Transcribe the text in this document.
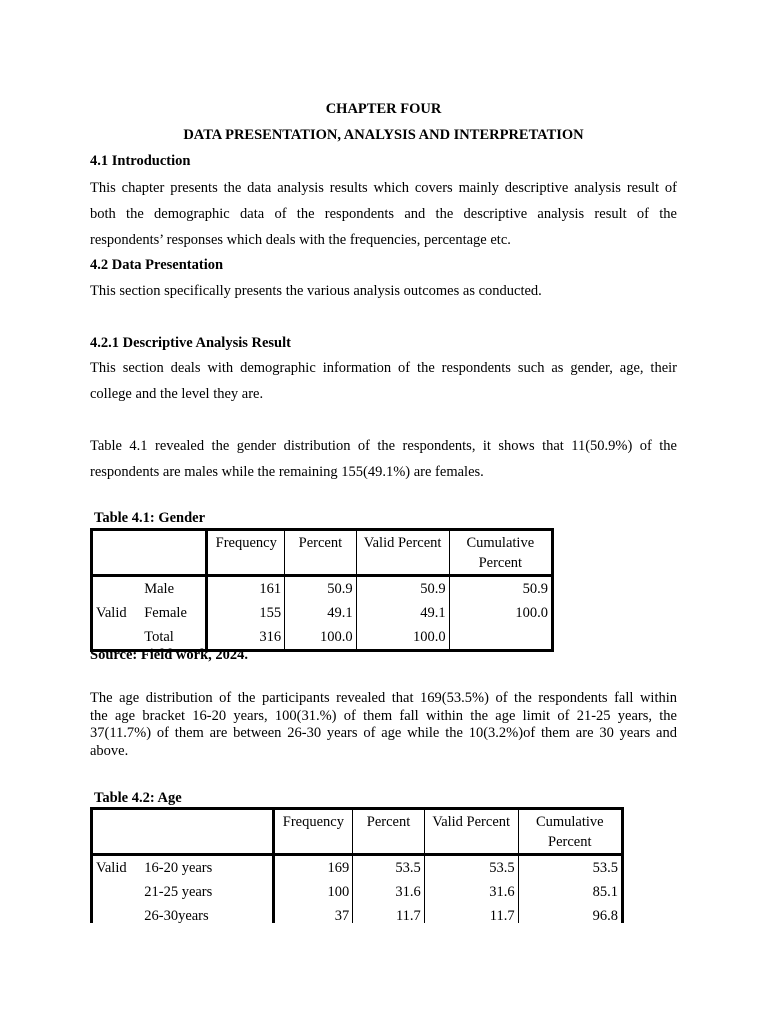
CHAPTER FOUR

DATA PRESENTATION, ANALYSIS AND INTERPRETATION

4.1 Introduction

This chapter presents the data analysis results which covers mainly descriptive analysis result of
both the demographic data of the respondents and the descriptive analysis result of the
respondents’ responses which deals with the frequencies, percentage etc.

4.2 Data Presentation

This section specifically presents the various analysis outcomes as conducted.

4.2.1 Descriptive Analysis Result

This section deals with demographic information of the respondents such as gender, age, their
college and the level they are.
Table 4.1 revealed the gender distribution of the respondents, it shows that 11(50.9%) of the
respondents are males while the remaining 155(49.1%) are females.

Table 4.1: Gender

		Frequency	Percent	Valid Percent	Cumulative
Percent
Valid	Male	161	50.9	50.9	50.9
	Female	155	49.1	49.1	100.0
	Total	316	100.0	100.0	

Source: Field work, 2024.

The age distribution of the participants revealed that 169(53.5%) of the respondents fall within
the age bracket 16-20 years, 100(31.%) of them fall within the age limit of 21-25 years, the
37(11.7%) of them are between 26-30 years of age while the 10(3.2%)of them are 30 years and
above.

Table 4.2: Age

		Frequency	Percent	Valid Percent	Cumulative
Percent
Valid	16-20 years	169	53.5	53.5	53.5
	21-25 years	100	31.6	31.6	85.1
	26-30years	37	11.7	11.7	96.8
